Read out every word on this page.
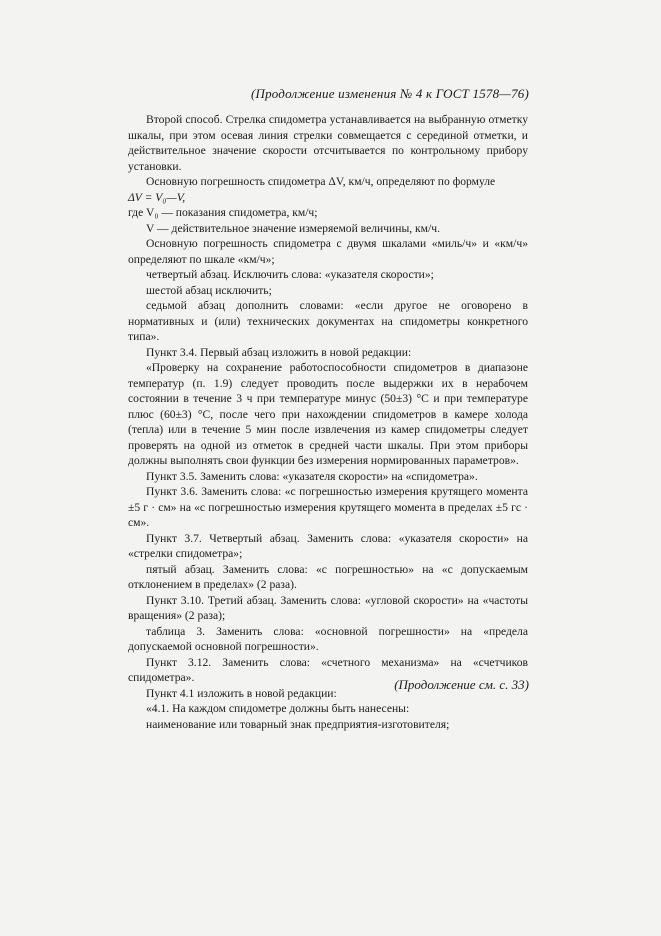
(Продолжение изменения № 4 к ГОСТ 1578—76)

Второй способ. Стрелка спидометра устанавливается на выбранную отметку шкалы, при этом осевая линия стрелки совмещается с серединой отметки, и действительное значение скорости отсчитывается по контрольному прибору установки.

Основную погрешность спидометра ΔV, км/ч, определяют по формуле

ΔV = V₀—V,

где V₀ — показания спидометра, км/ч;

V — действительное значение измеряемой величины, км/ч.

Основную погрешность спидометра с двумя шкалами «миль/ч» и «км/ч» определяют по шкале «км/ч»;

четвертый абзац. Исключить слова: «указателя скорости»;

шестой абзац исключить;

седьмой абзац дополнить словами: «если другое не оговорено в нормативных и (или) технических документах на спидометры конкретного типа».

Пункт 3.4. Первый абзац изложить в новой редакции:

«Проверку на сохранение работоспособности спидометров в диапазоне температур (п. 1.9) следует проводить после выдержки их в нерабочем состоянии в течение 3 ч при температуре минус (50±3) °С и при температуре плюс (60±3) °С, после чего при нахождении спидометров в камере холода (тепла) или в течение 5 мин после извлечения из камер спидометры следует проверять на одной из отметок в средней части шкалы. При этом приборы должны выполнять свои функции без измерения нормированных параметров».

Пункт 3.5. Заменить слова: «указателя скорости» на «спидометра».

Пункт 3.6. Заменить слова: «с погрешностью измерения крутящего момента ±5 г · см» на «с погрешностью измерения крутящего момента в пределах ±5 гс · см».

Пункт 3.7. Четвертый абзац. Заменить слова: «указателя скорости» на «стрелки спидометра»;

пятый абзац. Заменить слова: «с погрешностью» на «с допускаемым отклонением в пределах» (2 раза).

Пункт 3.10. Третий абзац. Заменить слова: «угловой скорости» на «частоты вращения» (2 раза);

таблица 3. Заменить слова: «основной погрешности» на «предела допускаемой основной погрешности».

Пункт 3.12. Заменить слова: «счетного механизма» на «счетчиков спидометра».

Пункт 4.1 изложить в новой редакции:

«4.1. На каждом спидометре должны быть нанесены:

наименование или товарный знак предприятия-изготовителя;

(Продолжение см. с. 33)
